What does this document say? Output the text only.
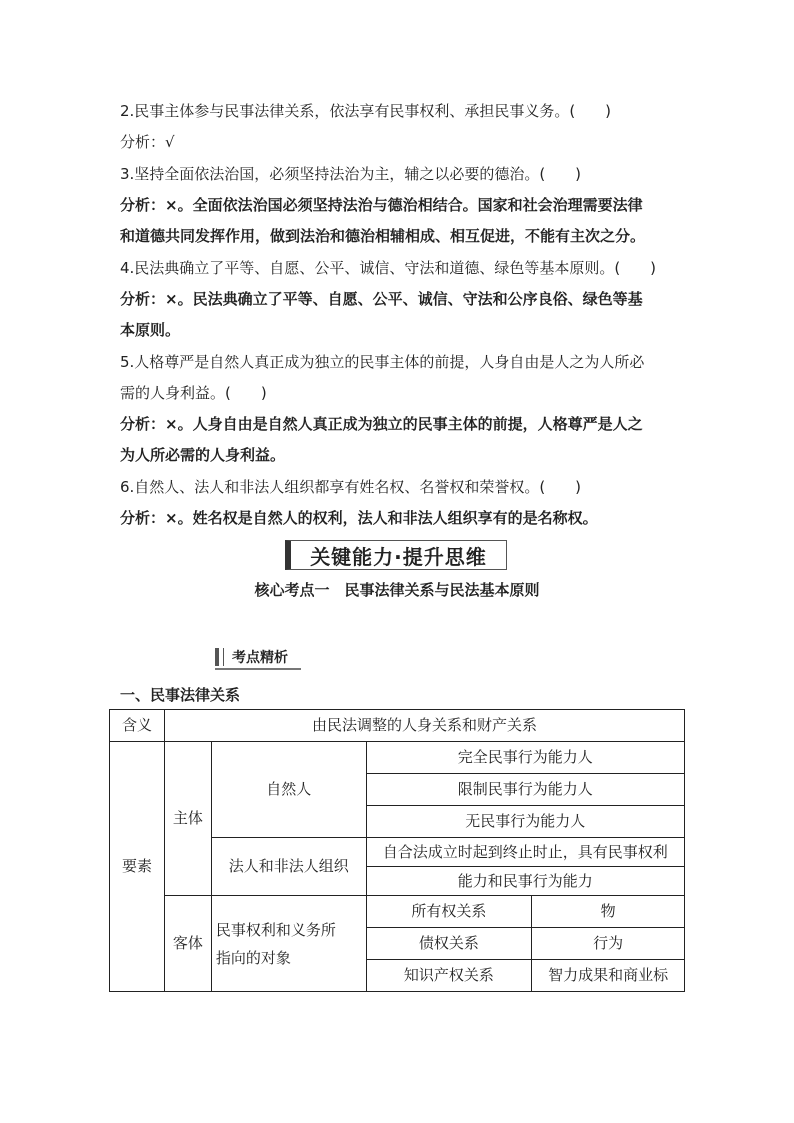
2.民事主体参与民事法律关系，依法享有民事权利、承担民事义务。(　　)
分析：√
3.坚持全面依法治国，必须坚持法治为主，辅之以必要的德治。(　　)
分析：×。全面依法治国必须坚持法治与德治相结合。国家和社会治理需要法律
和道德共同发挥作用，做到法治和德治相辅相成、相互促进，不能有主次之分。
4.民法典确立了平等、自愿、公平、诚信、守法和道德、绿色等基本原则。(　　)
分析：×。民法典确立了平等、自愿、公平、诚信、守法和公序良俗、绿色等基
本原则。
5.人格尊严是自然人真正成为独立的民事主体的前提，人身自由是人之为人所必
需的人身利益。(　　)
分析：×。人身自由是自然人真正成为独立的民事主体的前提，人格尊严是人之
为人所必需的人身利益。
6.自然人、法人和非法人组织都享有姓名权、名誉权和荣誉权。(　　)
分析：×。姓名权是自然人的权利，法人和非法人组织享有的是名称权。
关键能力·提升思维
核心考点一　民事法律关系与民法基本原则
考点精析
一、民事法律关系
含义	由民法调整的人身关系和财产关系			
要素	主体	自然人	完全民事行为能力人	
			限制民事行为能力人	
			无民事行为能力人	
		法人和非法人组织	自合法成立时起到终止时止，具有民事权利	
			能力和民事行为能力	
	客体	民事权利和义务所
指向的对象	所有权关系	物
			债权关系	行为
			知识产权关系	智力成果和商业标
